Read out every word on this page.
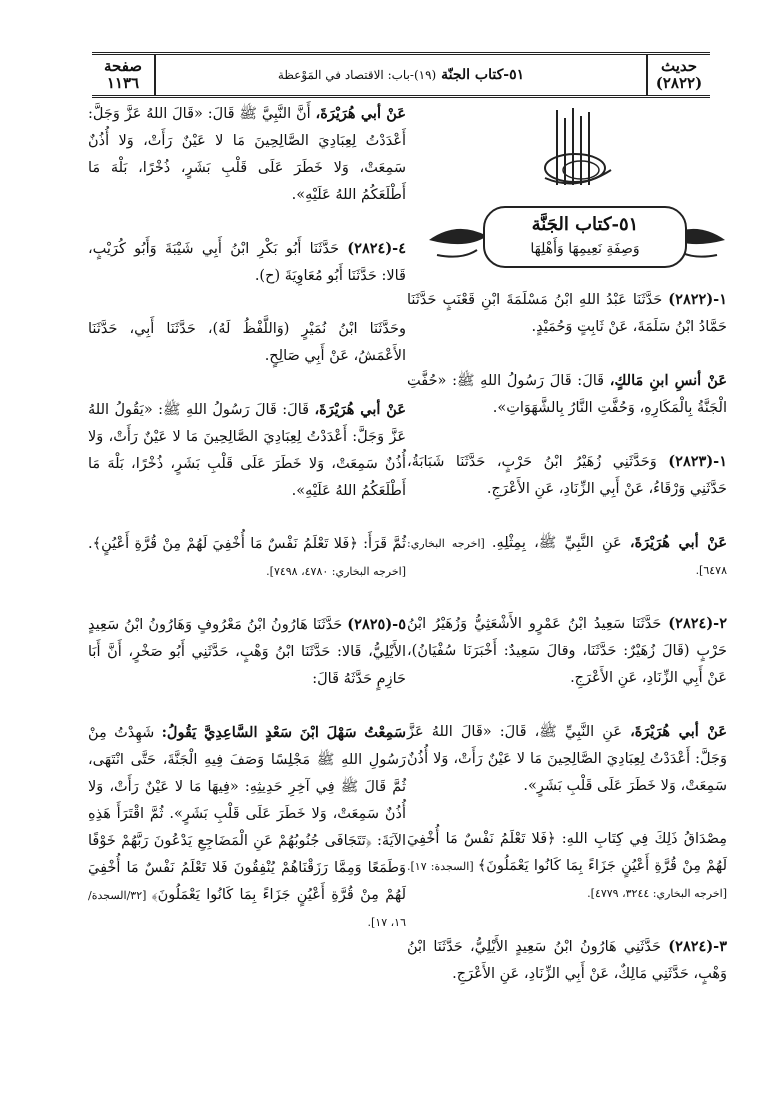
حديث
(٢٨٢٢)
٥١-كتاب الجنّة (١٩)-باب: الاقتصاد في المَوْعظة
صفحة
١١٣٦
٥١-كتاب الجَنَّة
وَصِفَةِ نَعِيمِهَا وَأَهْلِهَا

١-(٢٨٢٢) حَدَّثَنَا عَبْدُ اللهِ ابْنُ مَسْلَمَةَ ابْنِ قَعْنَبٍ حَدَّثَنَا حَمَّادُ ابْنُ سَلَمَةَ، عَنْ ثَابِتٍ وَحُمَيْدٍ.

عَنْ أنسِ ابنِ مَالكٍ، قَالَ: قَالَ رَسُولُ اللهِ ﷺ: «حُفَّتِ الْجَنَّةُ بِالْمَكَارِهِ، وَحُفَّتِ النَّارُ بِالشَّهَوَاتِ».

١-(٢٨٢٣) وَحَدَّثَنِي زُهَيْرُ ابْنُ حَرْبٍ، حَدَّثَنَا شَبَابَةُ، حَدَّثَنِي وَرْقَاءُ، عَنْ أَبِي الزِّنَادِ، عَنِ الأَعْرَجِ.

عَنْ أبي هُرَيْرَةَ، عَنِ النَّبِيِّ ﷺ، بِمِثْلِهِ. [اخرجه البخاري: ٦٤٧٨].

٢-(٢٨٢٤) حَدَّثَنَا سَعِيدُ ابْنُ عَمْرٍو الأَشْعَثِيُّ وَزُهَيْرُ ابْنُ حَرْبٍ (قَالَ زُهَيْرٌ: حَدَّثَنَا، وقالَ سَعِيدٌ: أَخْبَرَنَا سُفْيَانُ)، عَنْ أَبِي الزِّنَادِ، عَنِ الأَعْرَجِ.

عَنْ أبي هُرَيْرَةَ، عَنِ النَّبِيِّ ﷺ، قَالَ: «قَالَ اللهُ عَزَّ وَجَلَّ: أَعْدَدْتُ لِعِبَادِيَ الصَّالِحِينَ مَا لا عَيْنٌ رَأَتْ، وَلا أُذُنٌ سَمِعَتْ، وَلا خَطَرَ عَلَى قَلْبِ بَشَرٍ».

مِصْدَاقُ ذَلِكَ فِي كِتَابِ اللهِ: ﴿فَلا تَعْلَمُ نَفْسٌ مَا أُخْفِيَ لَهُمْ مِنْ قُرَّةِ أَعْيُنٍ جَزَاءً بِمَا كَانُوا يَعْمَلُونَ﴾ [السجدة: ١٧]. [اخرجه البخاري: ٣٢٤٤، ٤٧٧٩].

٣-(٢٨٢٤) حَدَّثَنِي هَارُونُ ابْنُ سَعِيدٍ الأَيْلِيُّ، حَدَّثَنَا ابْنُ وَهْبٍ، حَدَّثَنِي مَالِكٌ، عَنْ أَبِي الزِّنَادِ، عَنِ الأَعْرَجِ.

عَنْ أبي هُرَيْرَةَ، أَنَّ النَّبِيَّ ﷺ قَالَ: «قَالَ اللهُ عَزَّ وَجَلَّ: أَعْدَدْتُ لِعِبَادِيَ الصَّالِحِينَ مَا لا عَيْنٌ رَأَتْ، وَلا أُذُنٌ سَمِعَتْ، وَلا خَطَرَ عَلَى قَلْبِ بَشَرٍ، ذُخْرًا، بَلْهَ مَا أَطْلَعَكُمُ اللهُ عَلَيْهِ».

٤-(٢٨٢٤) حَدَّثَنَا أَبُو بَكْرِ ابْنُ أَبِي شَيْبَةَ وَأَبُو كُرَيْبٍ، قَالا: حَدَّثَنَا أَبُو مُعَاوِيَةَ (ح).

وحَدَّثَنَا ابْنُ نُمَيْرٍ (وَاللَّفْظُ لَهُ)، حَدَّثَنَا أَبِي، حَدَّثَنَا الأَعْمَشُ، عَنْ أَبِي صَالِحٍ.

عَنْ أبي هُرَيْرَةَ، قَالَ: قَالَ رَسُولُ اللهِ ﷺ: «يَقُولُ اللهُ عَزَّ وَجَلَّ: أَعْدَدْتُ لِعِبَادِيَ الصَّالِحِينَ مَا لا عَيْنٌ رَأَتْ، وَلا أُذُنٌ سَمِعَتْ، وَلا خَطَرَ عَلَى قَلْبِ بَشَرٍ، ذُخْرًا، بَلْهَ مَا أَطْلَعَكُمُ اللهُ عَلَيْهِ».

ثُمَّ قَرَأَ: ﴿فَلا تَعْلَمُ نَفْسٌ مَا أُخْفِيَ لَهُمْ مِنْ قُرَّةِ أَعْيُنٍ﴾. [اخرجه البخاري: ٤٧٨٠، ٧٤٩٨].

٥-(٢٨٢٥) حَدَّثَنَا هَارُونُ ابْنُ مَعْرُوفٍ وَهَارُونُ ابْنُ سَعِيدٍ الأَيْلِيُّ، قَالا: حَدَّثَنَا ابْنُ وَهْبٍ، حَدَّثَنِي أَبُو صَخْرٍ، أَنَّ أَبَا حَازِمٍ حَدَّثَهُ قَالَ:

سَمِعْتُ سَهْلَ ابْنَ سَعْدٍ السَّاعِدِيَّ يَقُولُ: شَهِدْتُ مِنْ رَسُولِ اللهِ ﷺ مَجْلِسًا وَصَفَ فِيهِ الْجَنَّةَ، حَتَّى انْتَهَى، ثُمَّ قَالَ ﷺ فِي آخِرِ حَدِيثِهِ: «فِيهَا مَا لا عَيْنٌ رَأَتْ، وَلا أُذُنٌ سَمِعَتْ، وَلا خَطَرَ عَلَى قَلْبِ بَشَرٍ». ثُمَّ اقْتَرَأَ هَذِهِ الآيَةَ: ﴿تَتَجَافَى جُنُوبُهُمْ عَنِ الْمَضَاجِعِ يَدْعُونَ رَبَّهُمْ خَوْفًا وَطَمَعًا وَمِمَّا رَزَقْنَاهُمْ يُنْفِقُونَ فَلا تَعْلَمُ نَفْسٌ مَا أُخْفِيَ لَهُمْ مِنْ قُرَّةِ أَعْيُنٍ جَزَاءً بِمَا كَانُوا يَعْمَلُونَ﴾ [٣٢/السجدة/ ١٦، ١٧].
